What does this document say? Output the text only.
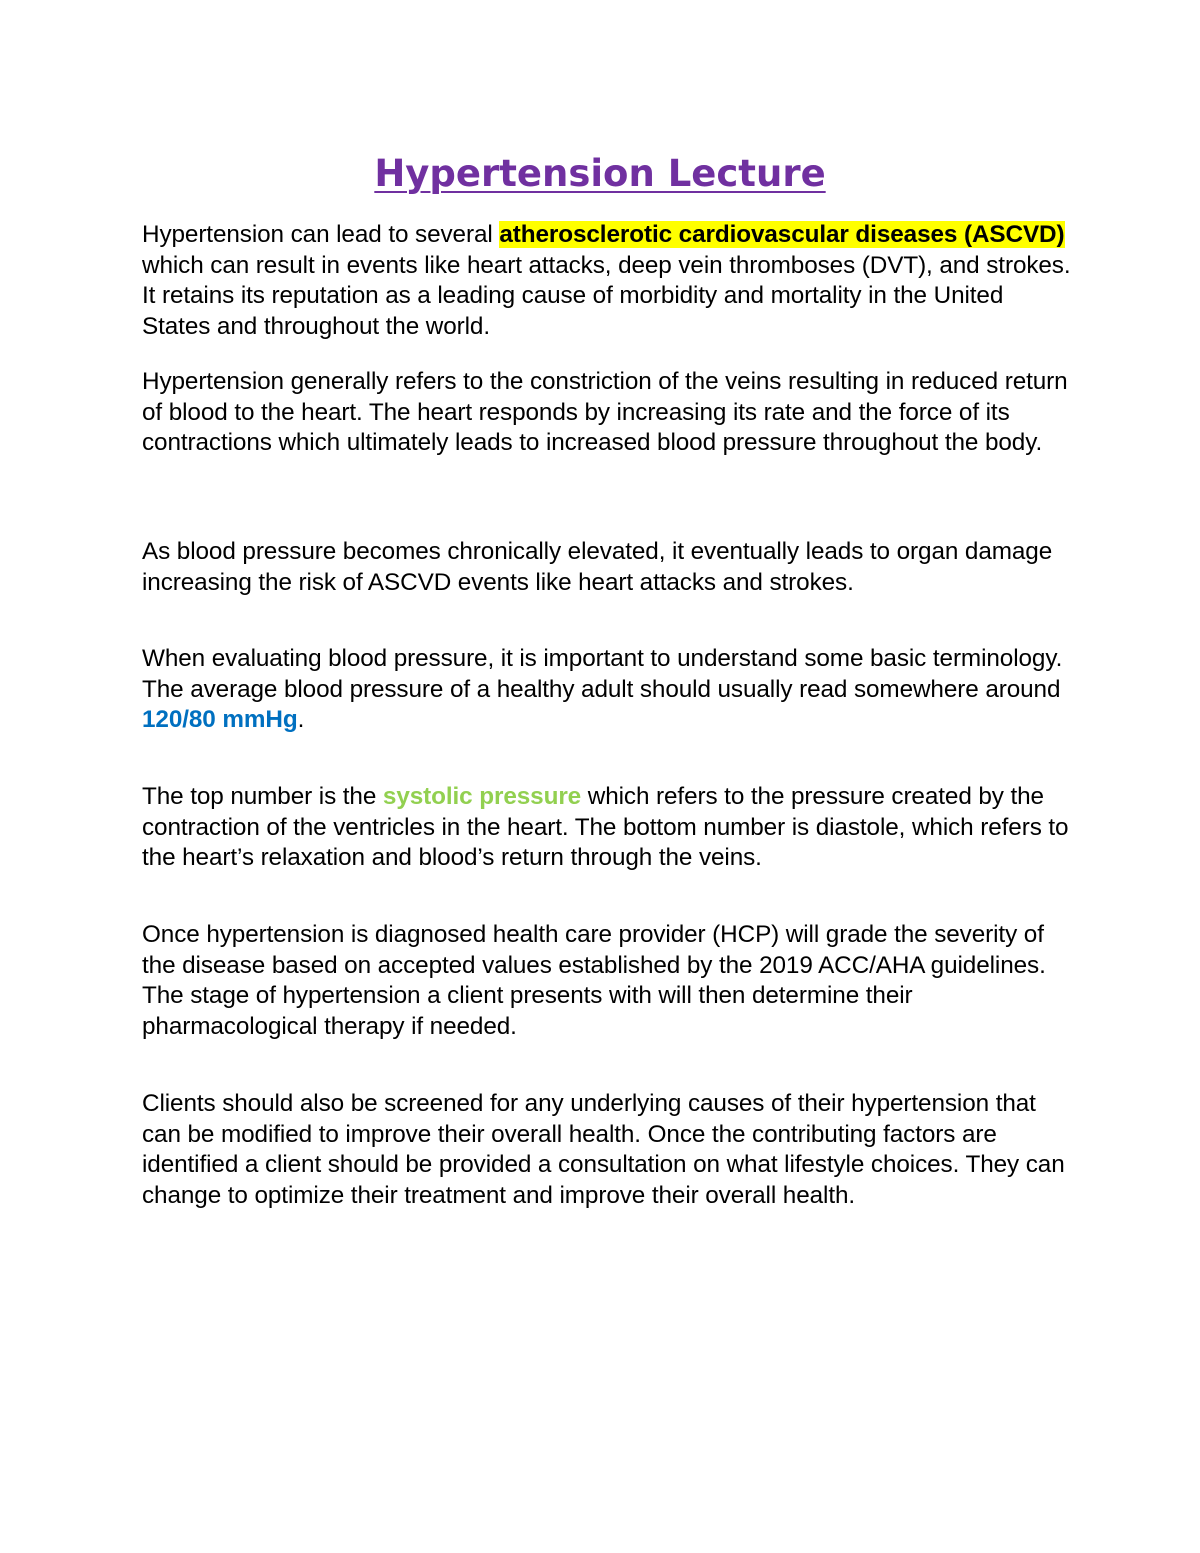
Hypertension Lecture

Hypertension can lead to several atherosclerotic cardiovascular diseases (ASCVD) which can result in events like heart attacks, deep vein thromboses (DVT), and strokes. It retains its reputation as a leading cause of morbidity and mortality in the United States and throughout the world.

Hypertension generally refers to the constriction of the veins resulting in reduced return of blood to the heart. The heart responds by increasing its rate and the force of its contractions which ultimately leads to increased blood pressure throughout the body.

As blood pressure becomes chronically elevated, it eventually leads to organ damage increasing the risk of ASCVD events like heart attacks and strokes.

When evaluating blood pressure, it is important to understand some basic terminology. The average blood pressure of a healthy adult should usually read somewhere around 120/80 mmHg.

The top number is the systolic pressure which refers to the pressure created by the contraction of the ventricles in the heart. The bottom number is diastole, which refers to the heart’s relaxation and blood’s return through the veins.

Once hypertension is diagnosed health care provider (HCP) will grade the severity of the disease based on accepted values established by the 2019 ACC/AHA guidelines. The stage of hypertension a client presents with will then determine their pharmacological therapy if needed.

Clients should also be screened for any underlying causes of their hypertension that can be modified to improve their overall health. Once the contributing factors are identified a client should be provided a consultation on what lifestyle choices. They can change to optimize their treatment and improve their overall health.
